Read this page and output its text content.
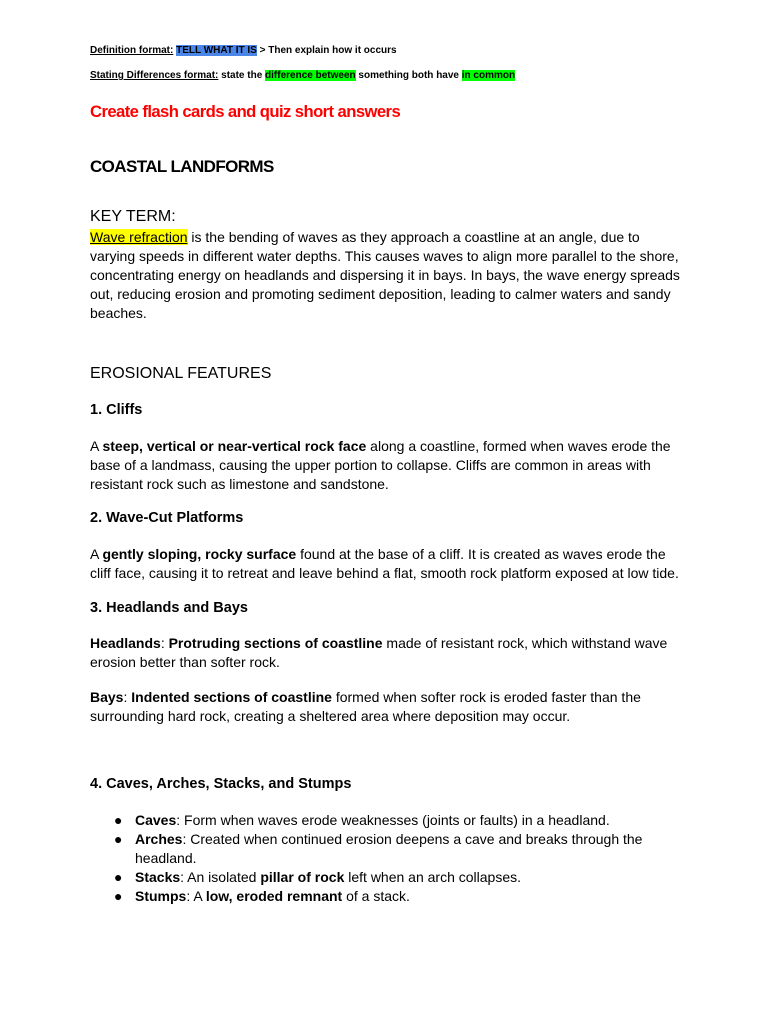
Definition format: TELL WHAT IT IS > Then explain how it occurs
Stating Differences format: state the difference between something both have in common
Create flash cards and quiz short answers
COASTAL LANDFORMS
KEY TERM:
Wave refraction is the bending of waves as they approach a coastline at an angle, due to varying speeds in different water depths. This causes waves to align more parallel to the shore, concentrating energy on headlands and dispersing it in bays. In bays, the wave energy spreads out, reducing erosion and promoting sediment deposition, leading to calmer waters and sandy beaches.
EROSIONAL FEATURES
1. Cliffs
A steep, vertical or near-vertical rock face along a coastline, formed when waves erode the base of a landmass, causing the upper portion to collapse. Cliffs are common in areas with resistant rock such as limestone and sandstone.
2. Wave-Cut Platforms
A gently sloping, rocky surface found at the base of a cliff. It is created as waves erode the cliff face, causing it to retreat and leave behind a flat, smooth rock platform exposed at low tide.
3. Headlands and Bays
Headlands: Protruding sections of coastline made of resistant rock, which withstand wave erosion better than softer rock.
Bays: Indented sections of coastline formed when softer rock is eroded faster than the surrounding hard rock, creating a sheltered area where deposition may occur.
4. Caves, Arches, Stacks, and Stumps
● Caves: Form when waves erode weaknesses (joints or faults) in a headland.
● Arches: Created when continued erosion deepens a cave and breaks through the headland.
● Stacks: An isolated pillar of rock left when an arch collapses.
● Stumps: A low, eroded remnant of a stack.
